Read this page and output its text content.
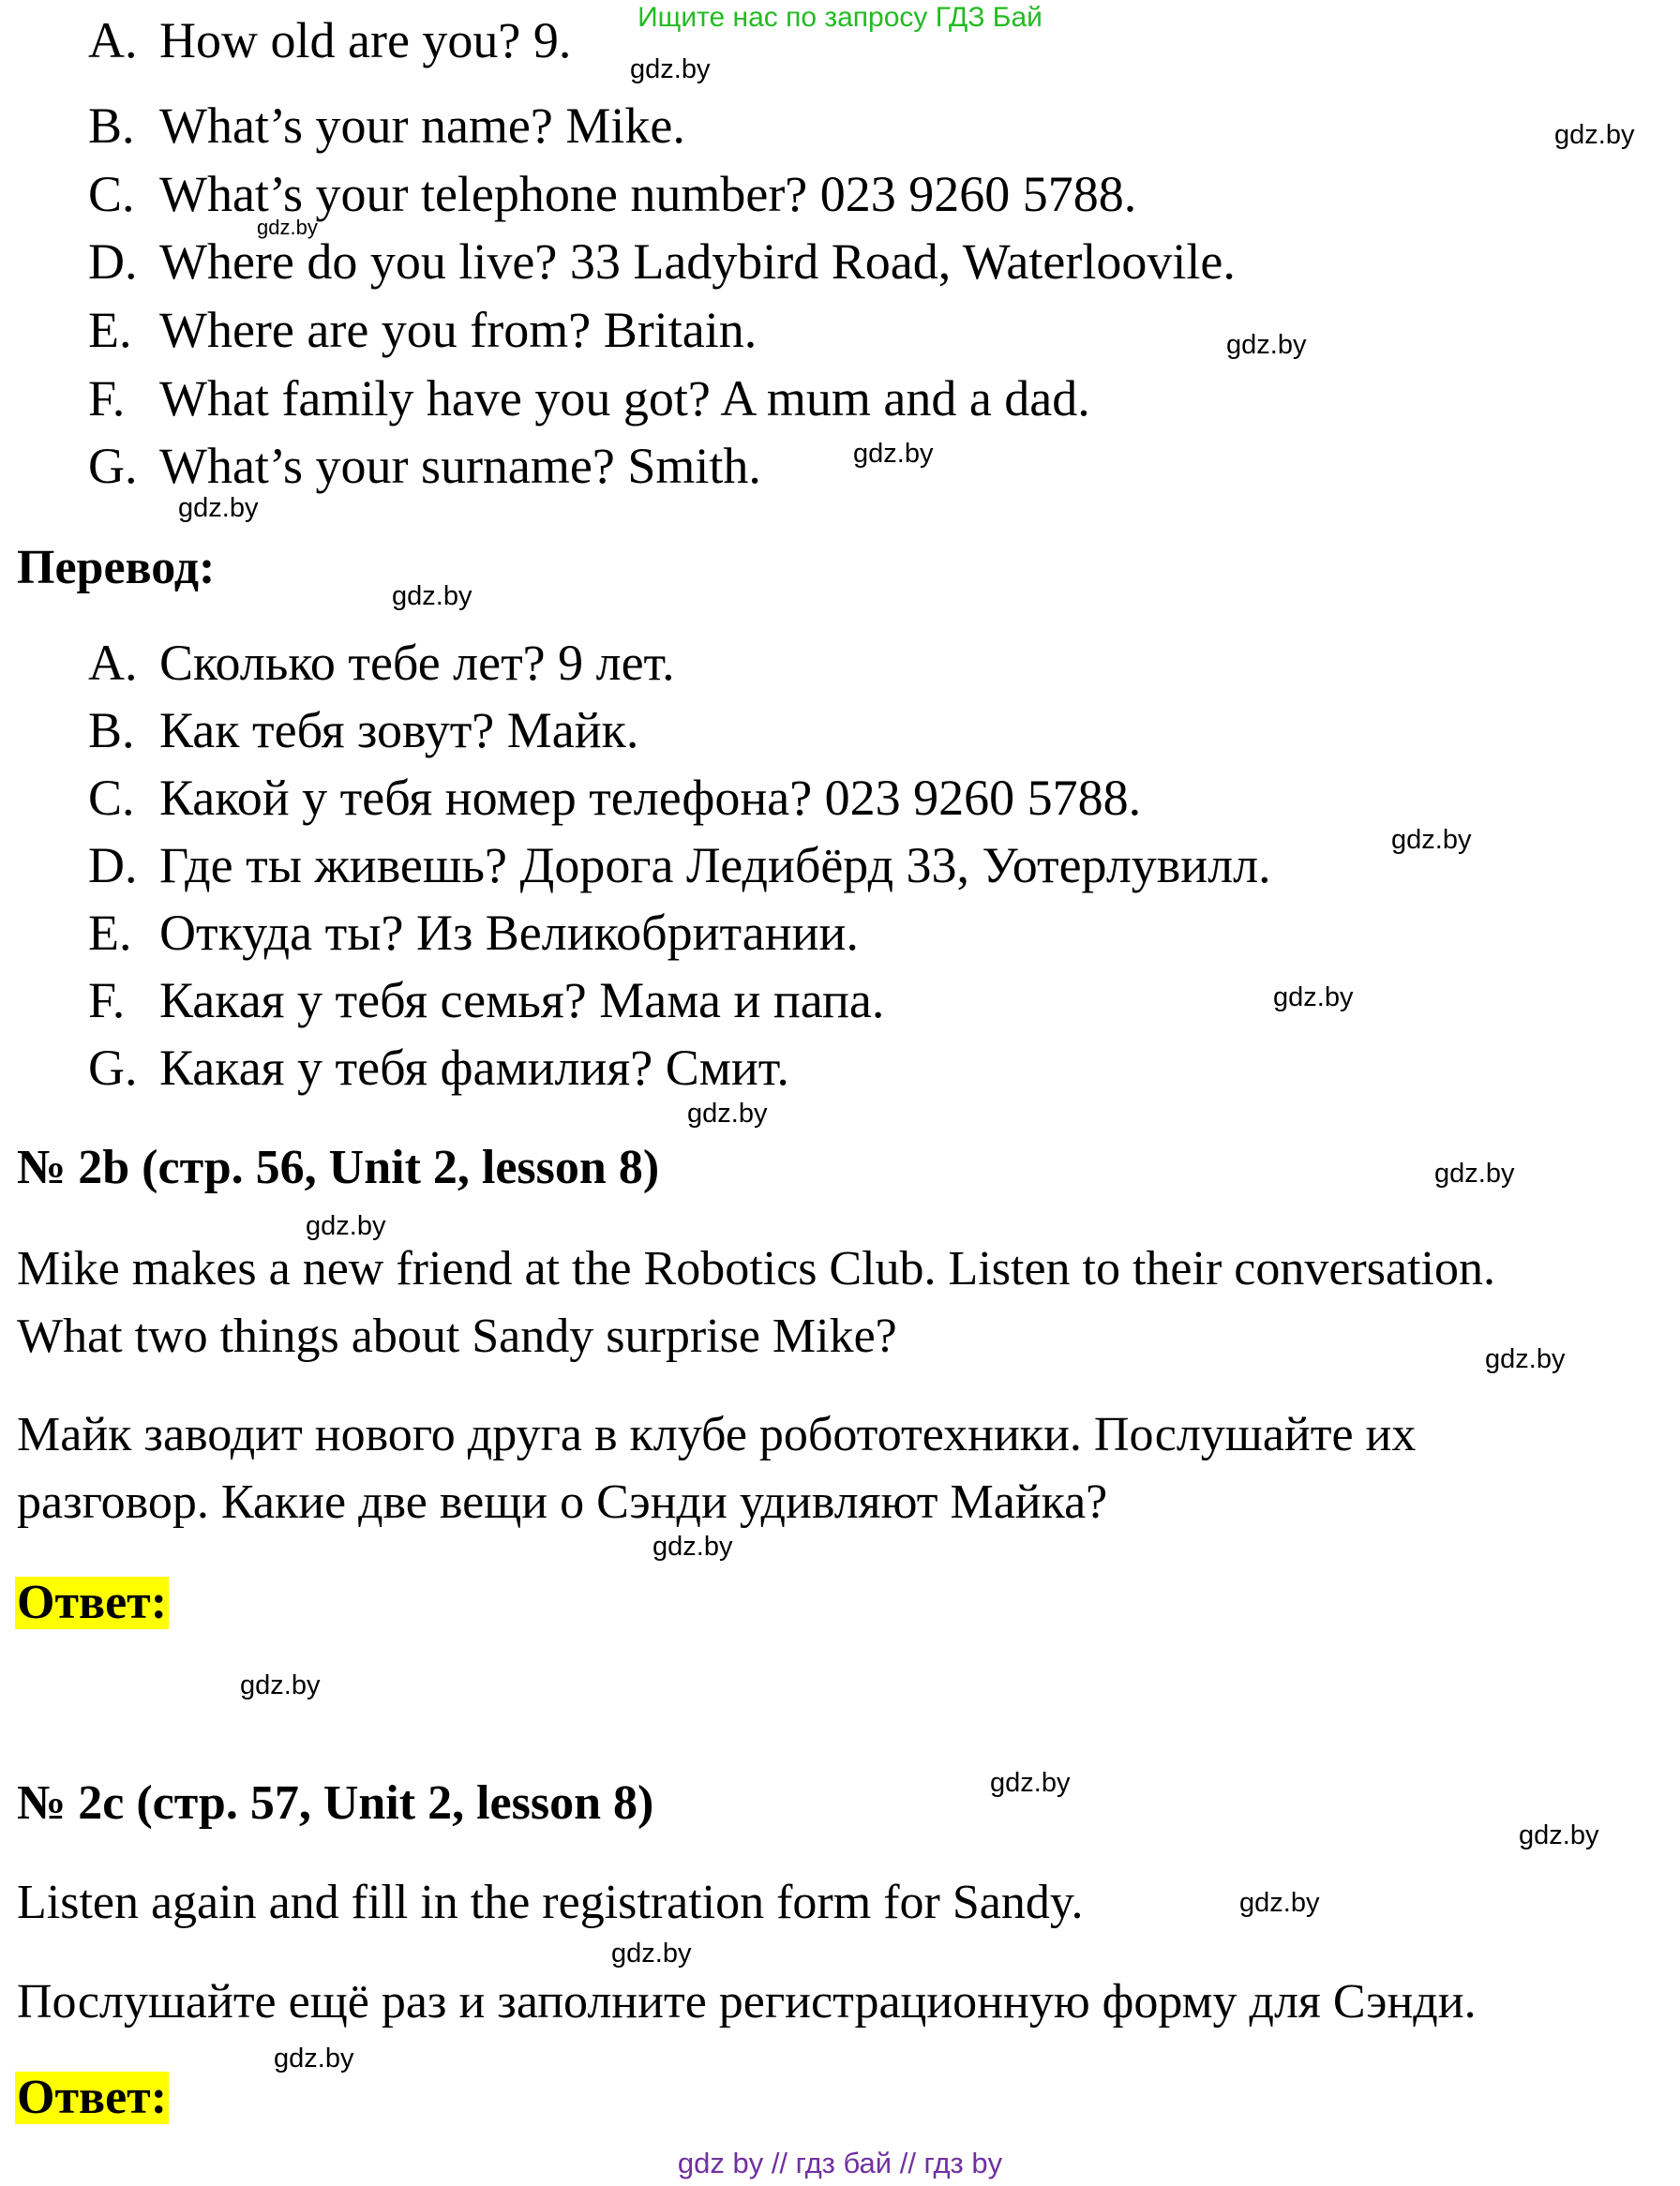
Ищите нас по запросу ГДЗ Бай
A. How old are you? 9.
B. What’s your name? Mike.
C. What’s your telephone number? 023 9260 5788.
D. Where do you live? 33 Ladybird Road, Waterloovile.
E. Where are you from? Britain.
F. What family have you got? A mum and a dad.
G. What’s your surname? Smith.
Перевод:
A. Сколько тебе лет? 9 лет.
B. Как тебя зовут? Майк.
C. Какой у тебя номер телефона? 023 9260 5788.
D. Где ты живешь? Дорога Ледибёрд 33, Уотерлувилл.
E. Откуда ты? Из Великобритании.
F. Какая у тебя семья? Мама и папа.
G. Какая у тебя фамилия? Смит.
№ 2b (стр. 56, Unit 2, lesson 8)
Mike makes a new friend at the Robotics Club. Listen to their conversation.
What two things about Sandy surprise Mike?
Майк заводит нового друга в клубе робототехники. Послушайте их
разговор. Какие две вещи о Сэнди удивляют Майка?
Ответ:
№ 2c (стр. 57, Unit 2, lesson 8)
Listen again and fill in the registration form for Sandy.
Послушайте ещё раз и заполните регистрационную форму для Сэнди.
Ответ:
gdz.by
gdz.by
gdz.by
gdz.by
gdz.by
gdz.by
gdz.by
gdz.by
gdz.by
gdz.by
gdz.by
gdz.by
gdz.by
gdz.by
gdz.by
gdz.by
gdz.by
gdz.by
gdz.by
gdz.by
gdz by // гдз бай // гдз by
